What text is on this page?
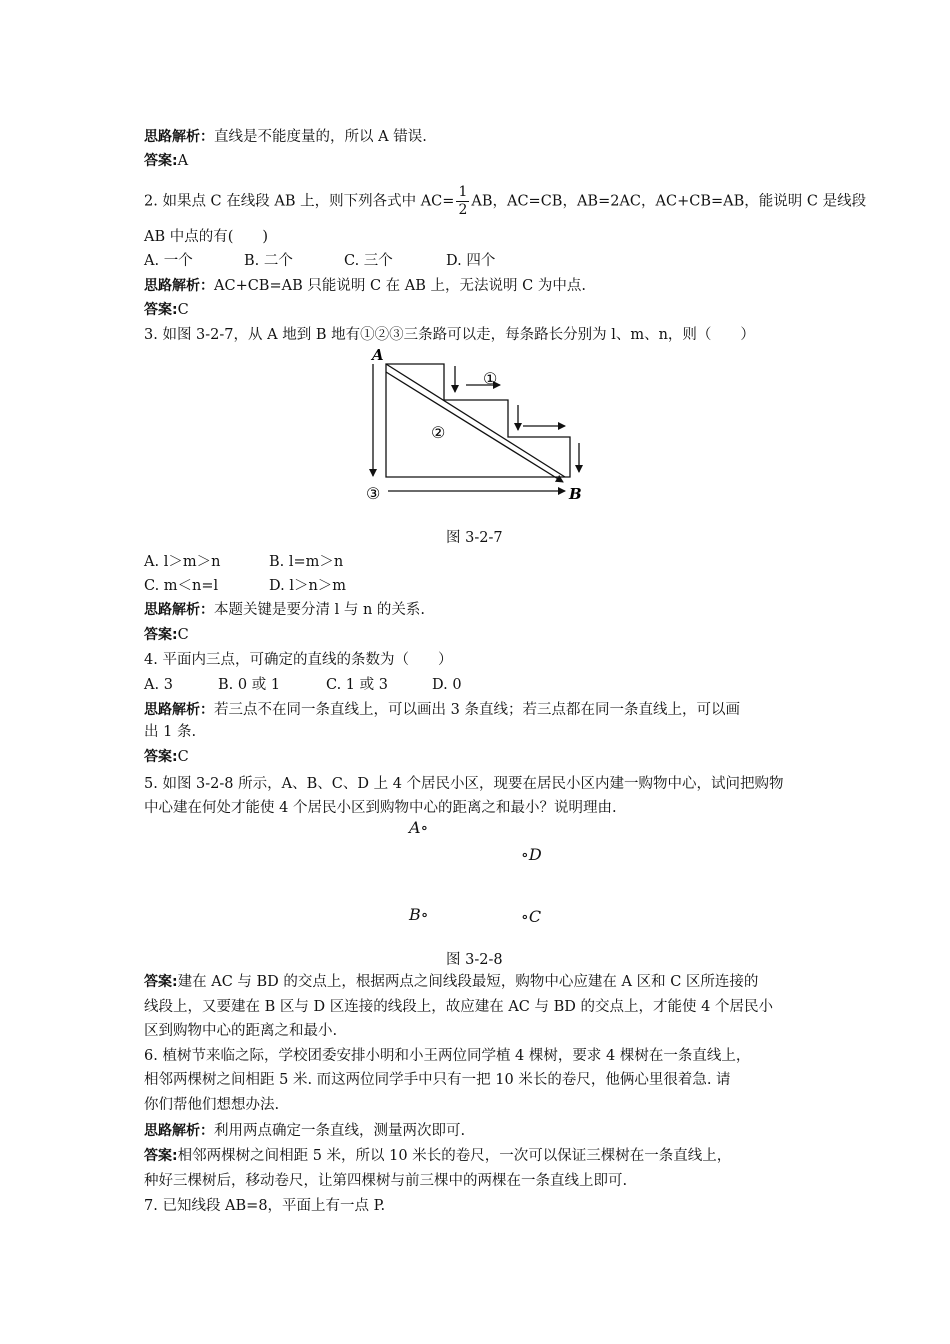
思路解析：直线是不能度量的，所以 A 错误.
答案:A
2. 如果点 C 在线段 AB 上，则下列各式中 $AC= \frac{1}{2}$ AB，AC=CB，AB=2AC，AC+CB=AB，能说明 C 是线段
AB 中点的有(　　)
A. 一个	B. 二个	C. 三个	D. 四个
思路解析：AC+CB=AB 只能说明 C 在 AB 上，无法说明 C 为中点.
答案:C
3. 如图 3-2-7，从 A 地到 B 地有①②③三条路可以走，每条路长分别为 l、m、n，则（　　）
A
B
①
②
③
图 3-2-7
A. l＞m＞n	B. l=m＞n
C. m＜n=l	D. l＞n＞m
思路解析：本题关键是要分清 l 与 n 的关系.
答案:C
4. 平面内三点，可确定的直线的条数为（　　）
A. 3	B. 0 或 1	C. 1 或 3	D. 0
思路解析：若三点不在同一条直线上，可以画出 3 条直线；若三点都在同一条直线上，可以画
出 1 条.
答案:C
5. 如图 3-2-8 所示，A、B、C、D 上 4 个居民小区，现要在居民小区内建一购物中心，试问把购物
中心建在何处才能使 4 个居民小区到购物中心的距离之和最小？说明理由.
A∘
∘D
B∘	∘C
图 3-2-8
答案:建在 AC 与 BD 的交点上，根据两点之间线段最短，购物中心应建在 A 区和 C 区所连接的
线段上，又要建在 B 区与 D 区连接的线段上，故应建在 AC 与 BD 的交点上，才能使 4 个居民小
区到购物中心的距离之和最小.
6. 植树节来临之际，学校团委安排小明和小王两位同学植 4 棵树，要求 4 棵树在一条直线上，
相邻两棵树之间相距 5 米. 而这两位同学手中只有一把 10 米长的卷尺，他俩心里很着急. 请
你们帮他们想想办法.
思路解析：利用两点确定一条直线，测量两次即可.
答案:相邻两棵树之间相距 5 米，所以 10 米长的卷尺，一次可以保证三棵树在一条直线上，
种好三棵树后，移动卷尺，让第四棵树与前三棵中的两棵在一条直线上即可.
7. 已知线段 AB=8，平面上有一点 P.
